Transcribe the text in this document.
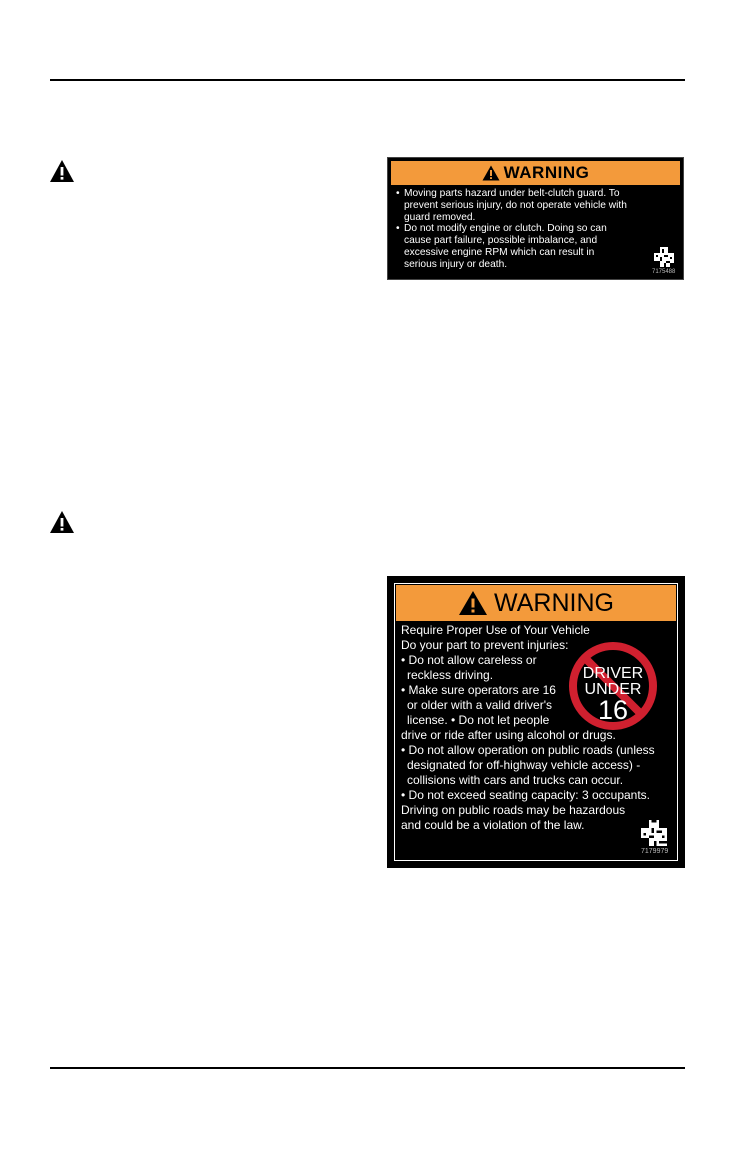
WARNING
• Moving parts hazard under belt-clutch guard. To
prevent serious injury, do not operate vehicle with
guard removed.
• Do not modify engine or clutch. Doing so can
cause part failure, possible imbalance, and
excessive engine RPM which can result in
serious injury or death.
7175488
WARNING
Require Proper Use of Your Vehicle
Do your part to prevent injuries:
• Do not allow careless or
reckless driving.
• Make sure operators are 16
or older with a valid driver's
license. • Do not let people
drive or ride after using alcohol or drugs.
• Do not allow operation on public roads (unless
designated for off-highway vehicle access) -
collisions with cars and trucks can occur.
• Do not exceed seating capacity: 3 occupants.
Driving on public roads may be hazardous
and could be a violation of the law.
DRIVER
UNDER
16
7179979
